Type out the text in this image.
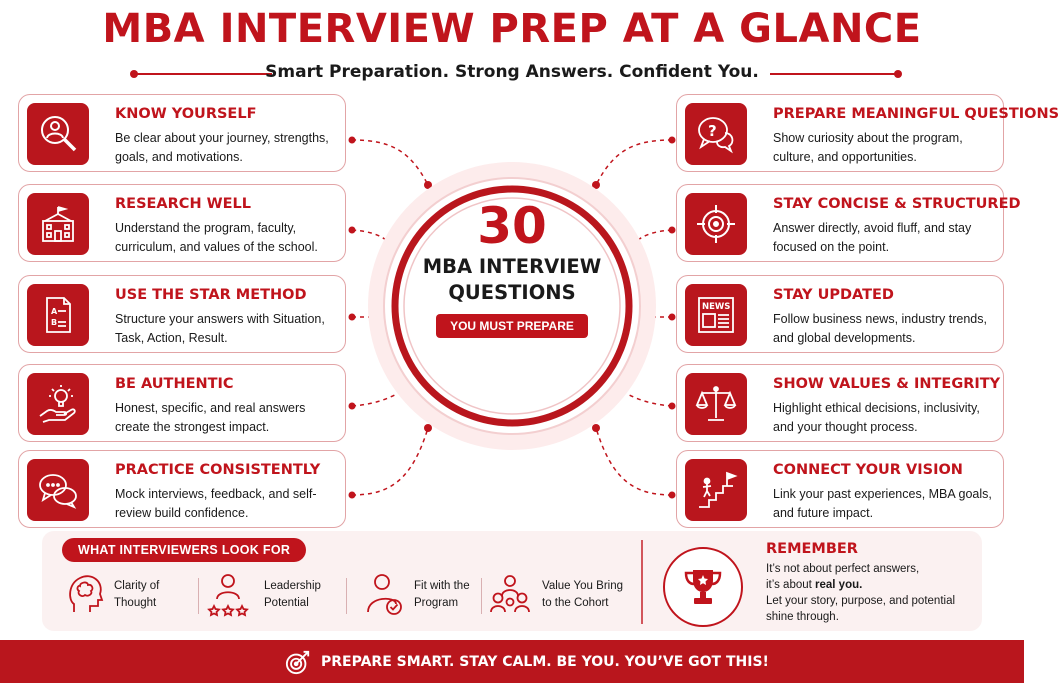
MBA INTERVIEW PREP AT A GLANCE
Smart Preparation. Strong Answers. Confident You.
30
MBA INTERVIEW
QUESTIONS
YOU MUST PREPARE
KNOW YOURSELF
Be clear about your journey, strengths, goals, and motivations.
RESEARCH WELL
Understand the program, faculty, curriculum, and values of the school.
A
B
USE THE STAR METHOD
Structure your answers with Situation, Task, Action, Result.
BE AUTHENTIC
Honest, specific, and real answers create the strongest impact.
PRACTICE CONSISTENTLY
Mock interviews, feedback, and self-review build confidence.
?
PREPARE MEANINGFUL QUESTIONS
Show curiosity about the program, culture, and opportunities.
STAY CONCISE & STRUCTURED
Answer directly, avoid fluff, and stay focused on the point.
NEWS
STAY UPDATED
Follow business news, industry trends, and global developments.
SHOW VALUES & INTEGRITY
Highlight ethical decisions, inclusivity, and your thought process.
CONNECT YOUR VISION
Link your past experiences, MBA goals, and future impact.
WHAT INTERVIEWERS LOOK FOR
Clarity of Thought
Leadership Potential
Fit with the Program
Value You Bring to the Cohort
REMEMBER
It’s not about perfect answers,
it’s about real you.
Let your story, purpose, and potential shine through.
PREPARE SMART. STAY CALM. BE YOU. YOU’VE GOT THIS!
